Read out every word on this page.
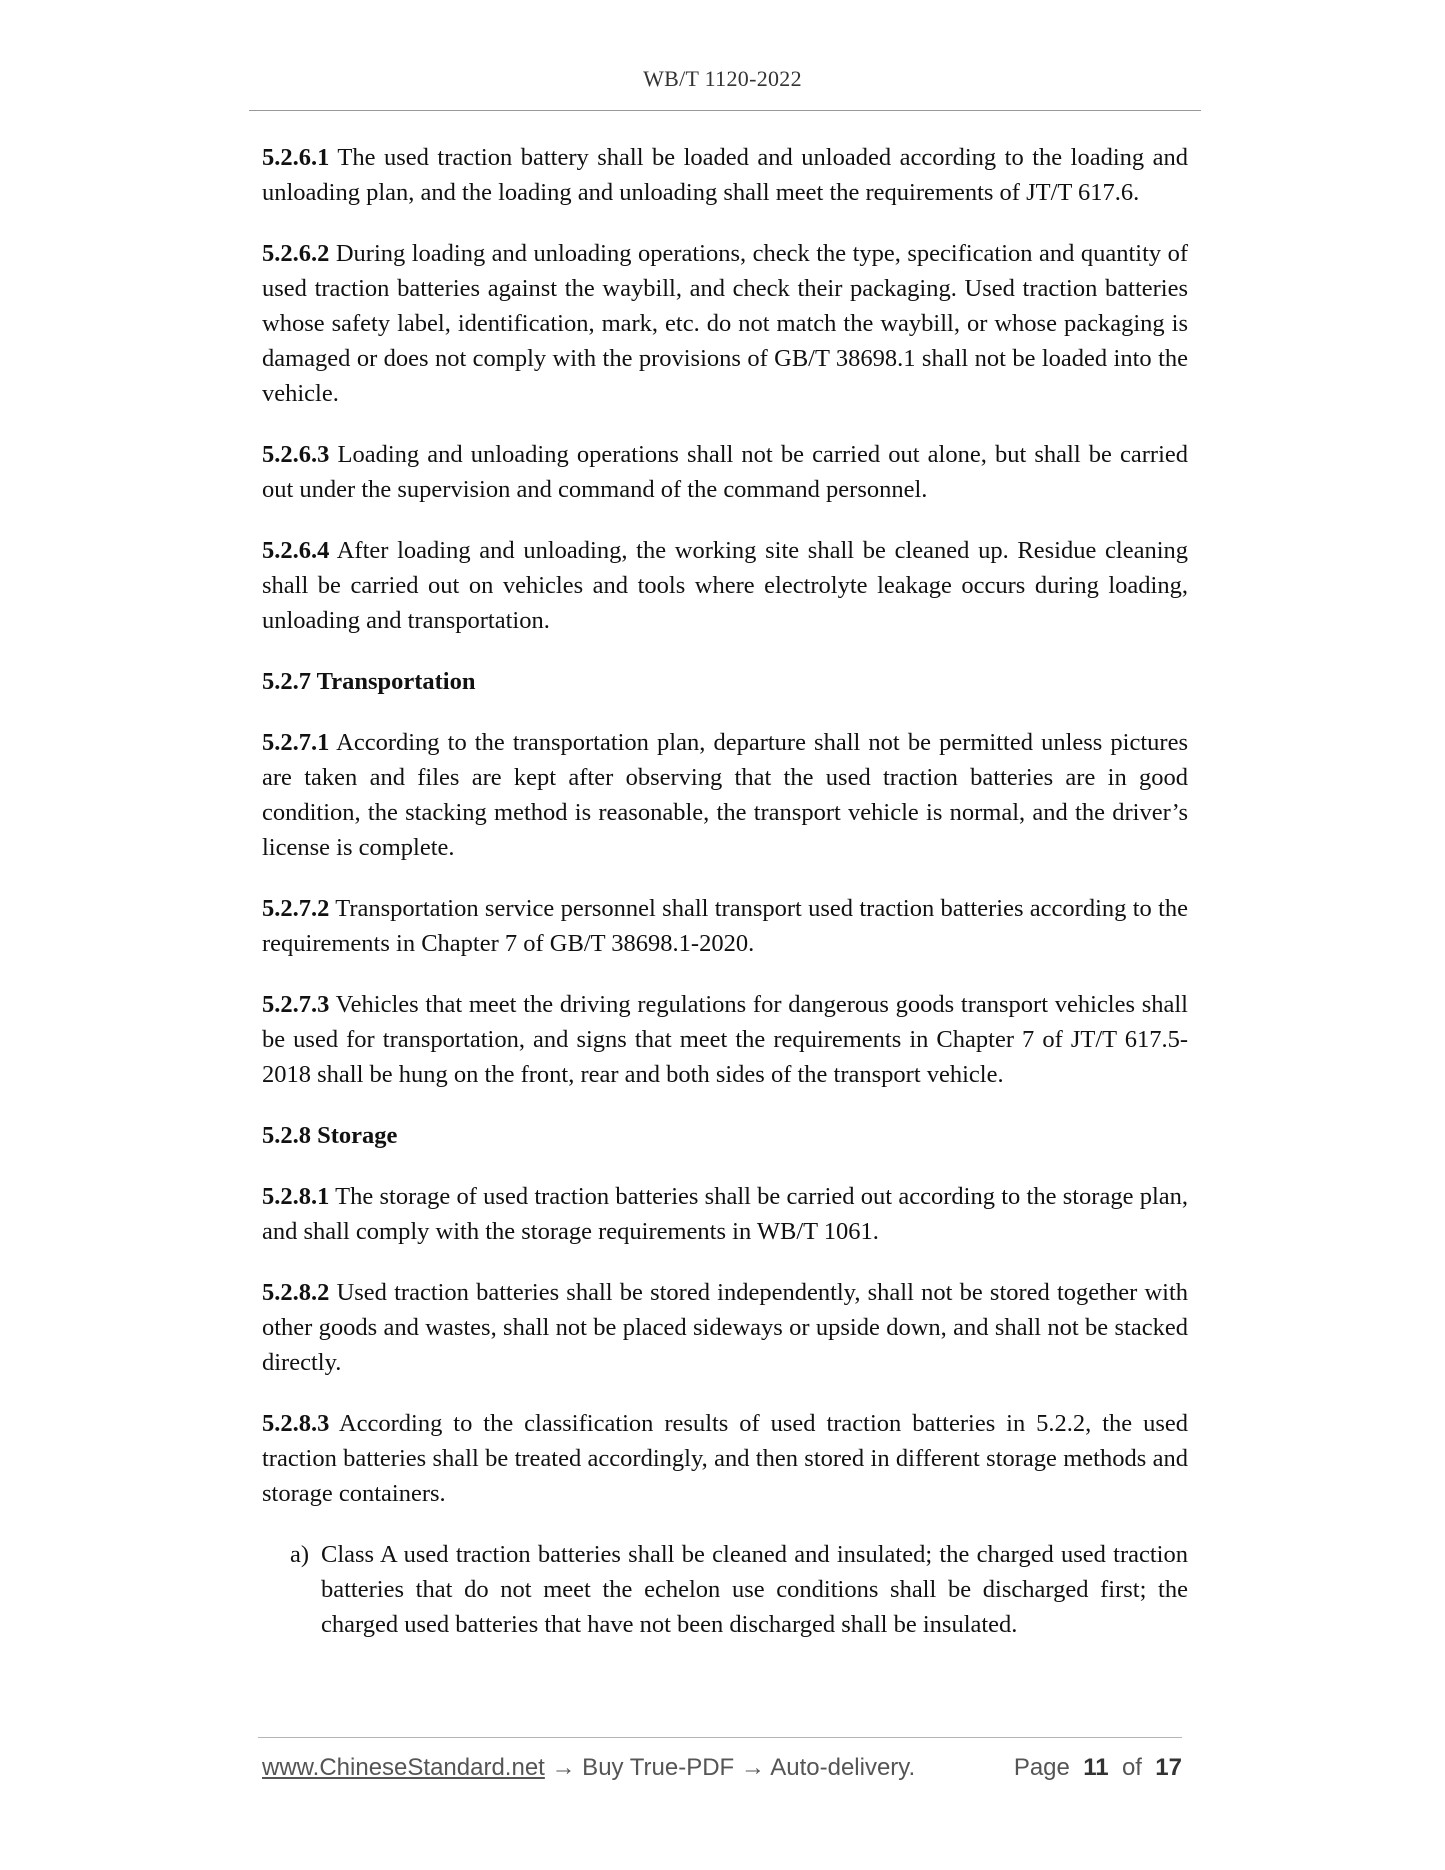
WB/T 1120-2022

5.2.6.1 The used traction battery shall be loaded and unloaded according to the loading and unloading plan, and the loading and unloading shall meet the requirements of JT/T 617.6.

5.2.6.2 During loading and unloading operations, check the type, specification and quantity of used traction batteries against the waybill, and check their packaging. Used traction batteries whose safety label, identification, mark, etc. do not match the waybill, or whose packaging is damaged or does not comply with the provisions of GB/T 38698.1 shall not be loaded into the vehicle.

5.2.6.3 Loading and unloading operations shall not be carried out alone, but shall be carried out under the supervision and command of the command personnel.

5.2.6.4 After loading and unloading, the working site shall be cleaned up. Residue cleaning shall be carried out on vehicles and tools where electrolyte leakage occurs during loading, unloading and transportation.

5.2.7 Transportation

5.2.7.1 According to the transportation plan, departure shall not be permitted unless pictures are taken and files are kept after observing that the used traction batteries are in good condition, the stacking method is reasonable, the transport vehicle is normal, and the driver’s license is complete.

5.2.7.2 Transportation service personnel shall transport used traction batteries according to the requirements in Chapter 7 of GB/T 38698.1-2020.

5.2.7.3 Vehicles that meet the driving regulations for dangerous goods transport vehicles shall be used for transportation, and signs that meet the requirements in Chapter 7 of JT/T 617.5-2018 shall be hung on the front, rear and both sides of the transport vehicle.

5.2.8 Storage

5.2.8.1 The storage of used traction batteries shall be carried out according to the storage plan, and shall comply with the storage requirements in WB/T 1061.

5.2.8.2 Used traction batteries shall be stored independently, shall not be stored together with other goods and wastes, shall not be placed sideways or upside down, and shall not be stacked directly.

5.2.8.3 According to the classification results of used traction batteries in 5.2.2, the used traction batteries shall be treated accordingly, and then stored in different storage methods and storage containers.

a) Class A used traction batteries shall be cleaned and insulated; the charged used traction batteries that do not meet the echelon use conditions shall be discharged first; the charged used batteries that have not been discharged shall be insulated.
www.ChineseStandard.net → Buy True-PDF → Auto-delivery.	Page 11 of 17
